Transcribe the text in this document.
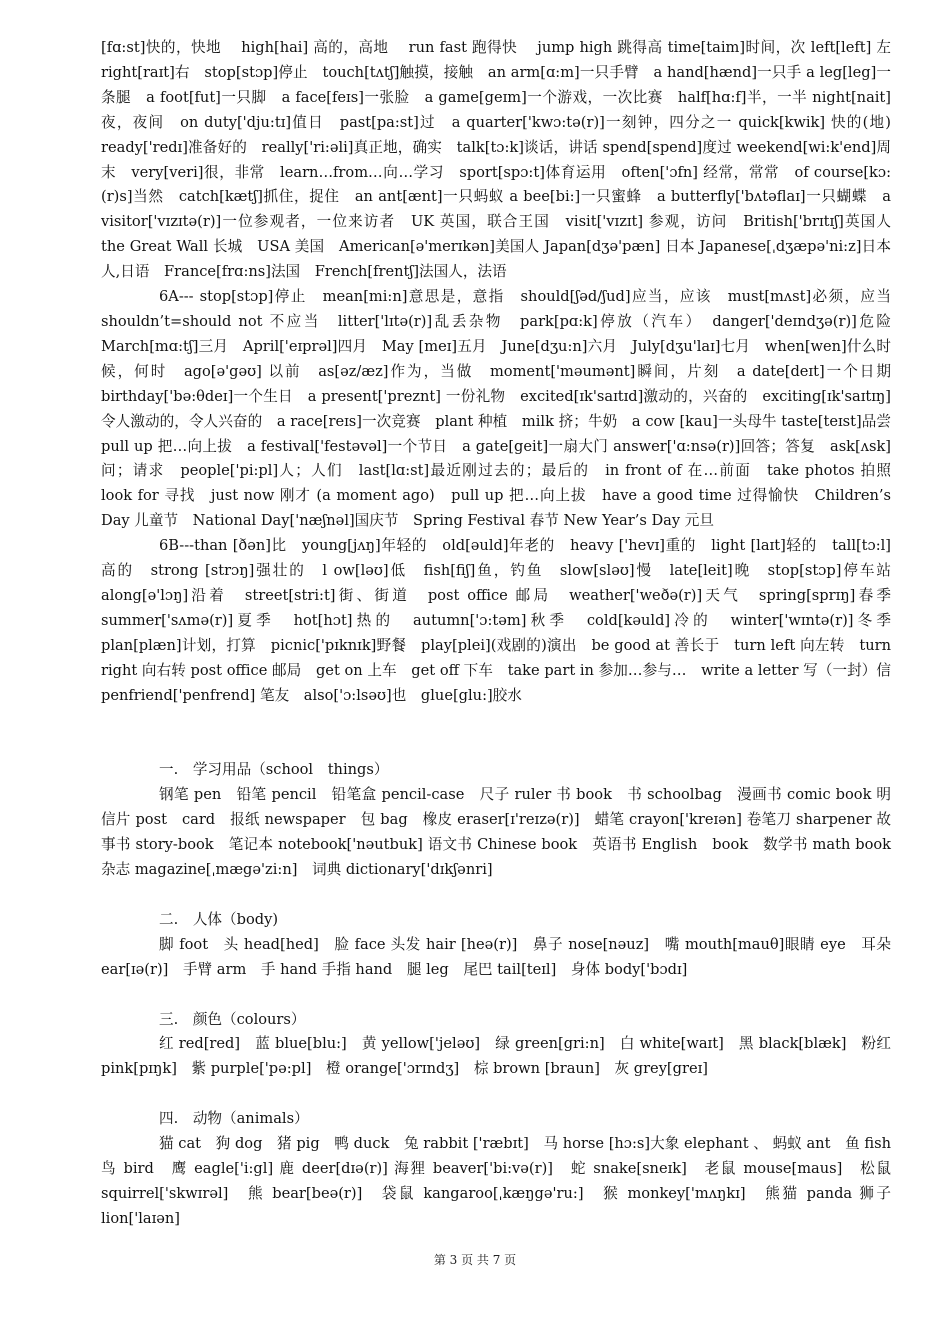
[fɑ:st]快的，快地　 high[hai] 高的，高地　 run fast 跑得快　 jump high 跳得高 time[taim]时间，次 left[left] 左　right[raɪt]右　stop[stɔp]停止　touch[tʌtʃ]触摸，接触　an arm[ɑ:m]一只手臂　a hand[hænd]一只手 a leg[leg]一条腿　a foot[fut]一只脚　a face[feɪs]一张脸　a game[geɪm]一个游戏，一次比赛　half[hɑ:f]半，一半 night[nait]夜，夜间　on duty['dju:tɪ]值日　past[pa:st]过　a quarter['kwɔ:tə(r)]一刻钟，四分之一 quick[kwik] 快的(地)　ready['redɪ]准备好的　really['ri:əli]真正地，确实　talk[tɔ:k]谈话，讲话 spend[spend]度过 weekend[wi:k'end]周末　very[veri]很，非常　learn…from…向…学习　sport[spɔ:t]体育运用　often['ɔfn] 经常，常常　of course[kɔ:(r)s]当然　catch[kætʃ]抓住，捉住　an ant[ænt]一只蚂蚁 a bee[bi:]一只蜜蜂　a butterfly['bʌtəflaɪ]一只蝴蝶　a visitor['vɪzɪtə(r)]一位参观者，一位来访者　UK 英国，联合王国　visit['vɪzɪt] 参观，访问　British['brɪtɪʃ]英国人　the Great Wall 长城　USA 美国　American[ə'merɪkən]美国人 Japan[dʒə'pæn] 日本 Japanese[ˌdʒæpə'ni:z]日本人,日语　France[frɑ:ns]法国　French[frentʃ]法国人，法语

6A--- stop[stɔp]停止　mean[mi:n]意思是，意指　should[ʃəd/ʃud]应当，应该　must[mʌst]必须，应当 shouldn’t=should not 不应当　litter['lɪtə(r)]乱丢杂物　park[pɑ:k]停放（汽车）　danger['deɪndʒə(r)]危险 March[mɑ:tʃ]三月　April['eɪprəl]四月　May [meɪ]五月　June[dʒu:n]六月　July[dʒu'laɪ]七月　when[wen]什么时候，何时　ago[ə'gəʊ] 以前　as[əz/æz]作为，当做　moment['məumənt]瞬间，片刻　a date[deɪt]一个日期 birthday['bə:θdeɪ]一个生日　a present['preznt] 一份礼物　excited[ɪk'saɪtɪd]激动的，兴奋的　exciting[ɪk'saɪtɪŋ] 令人激动的，令人兴奋的　a race[reɪs]一次竞赛　plant 种植　milk 挤；牛奶　a cow [kau]一头母牛 taste[teɪst]品尝　pull up 把…向上拔　a festival['festəvəl]一个节日　a gate[geit]一扇大门 answer['ɑ:nsə(r)]回答；答复　ask[ʌsk]问；请求　people['pi:pl]人；人们　last[lɑ:st]最近刚过去的；最后的　in front of 在…前面　take photos 拍照　look for 寻找　just now 刚才 (a moment ago)　pull up 把…向上拔　have a good time 过得愉快　Children’s Day 儿童节　National Day['næʃnəl]国庆节　Spring Festival 春节 New Year’s Day 元旦

6B---than [ðən]比　young[jʌŋ]年轻的　old[əuld]年老的　heavy ['hevɪ]重的　light [laɪt]轻的　tall[tɔ:l] 高的　strong [strɔŋ]强壮的　l ow[ləʊ]低　fish[fiʃ]鱼，钓鱼　slow[sləʊ]慢　late[leit]晚　stop[stɔp]停车站 along[ə'lɔŋ]沿着　street[stri:t]街、街道　post office 邮局　weather['weðə(r)]天气　spring[sprɪŋ]春季 summer['sʌmə(r)]夏季　hot[hɔt]热的　autumn['ɔ:təm]秋季　cold[kəuld]冷的　winter['wɪntə(r)]冬季　plan[plæn]计划，打算　picnic['pɪknɪk]野餐　play[plei](戏剧的)演出　be good at 善长于　turn left 向左转　turn right 向右转 post office 邮局　get on 上车　get off 下车　take part in 参加…参与…　write a letter 写（一封）信 penfriend['penfrend] 笔友　also['ɔ:lsəʊ]也　glue[glu:]胶水

一.　学习用品（school　things）

钢笔 pen　铅笔 pencil　铅笔盒 pencil-case　尺子 ruler 书 book　书 schoolbag　漫画书 comic book 明信片 post　card　报纸 newspaper　包 bag　橡皮 eraser[ɪ'reɪzə(r)]　蜡笔 crayon['kreɪən] 卷笔刀 sharpener 故事书 story-book　笔记本 notebook['nəutbuk] 语文书 Chinese book　英语书 English　book　数学书 math book　杂志 magazine[ˌmægə'zi:n]　词典 dictionary['dɪkʃənri]

二.　人体（body)

脚 foot　头 head[hed]　脸 face 头发 hair [heə(r)]　鼻子 nose[nəuz]　嘴 mouth[mauθ]眼睛 eye　耳朵 ear[ɪə(r)]　手臂 arm　手 hand 手指 hand　腿 leg　尾巴 tail[teɪl]　身体 body['bɔdɪ]

三.　颜色（colours）

红 red[red]　蓝 blue[blu:]　黄 yellow['jeləʊ]　绿 green[gri:n]　白 white[waɪt]　黑 black[blæk]　粉红 pink[pɪŋk]　紫 purple['pə:pl]　橙 orange['ɔrɪndʒ]　棕 brown [braun]　灰 grey[greɪ]

四.　动物（animals）

猫 cat　狗 dog　猪 pig　鸭 duck　兔 rabbit ['ræbɪt]　马 horse [hɔ:s]大象 elephant 、 蚂蚁 ant　鱼 fish　鸟 bird　鹰 eagle['i:gl] 鹿 deer[dɪə(r)] 海狸 beaver['bi:və(r)]　蛇 snake[sneɪk]　老鼠 mouse[maus]　松鼠 squirrel['skwɪrəl]　熊 bear[beə(r)]　袋鼠 kangaroo[ˌkæŋgə'ru:]　猴 monkey['mʌŋkɪ]　熊猫 panda 狮子 lion['laɪən]

第 3 页 共 7 页
